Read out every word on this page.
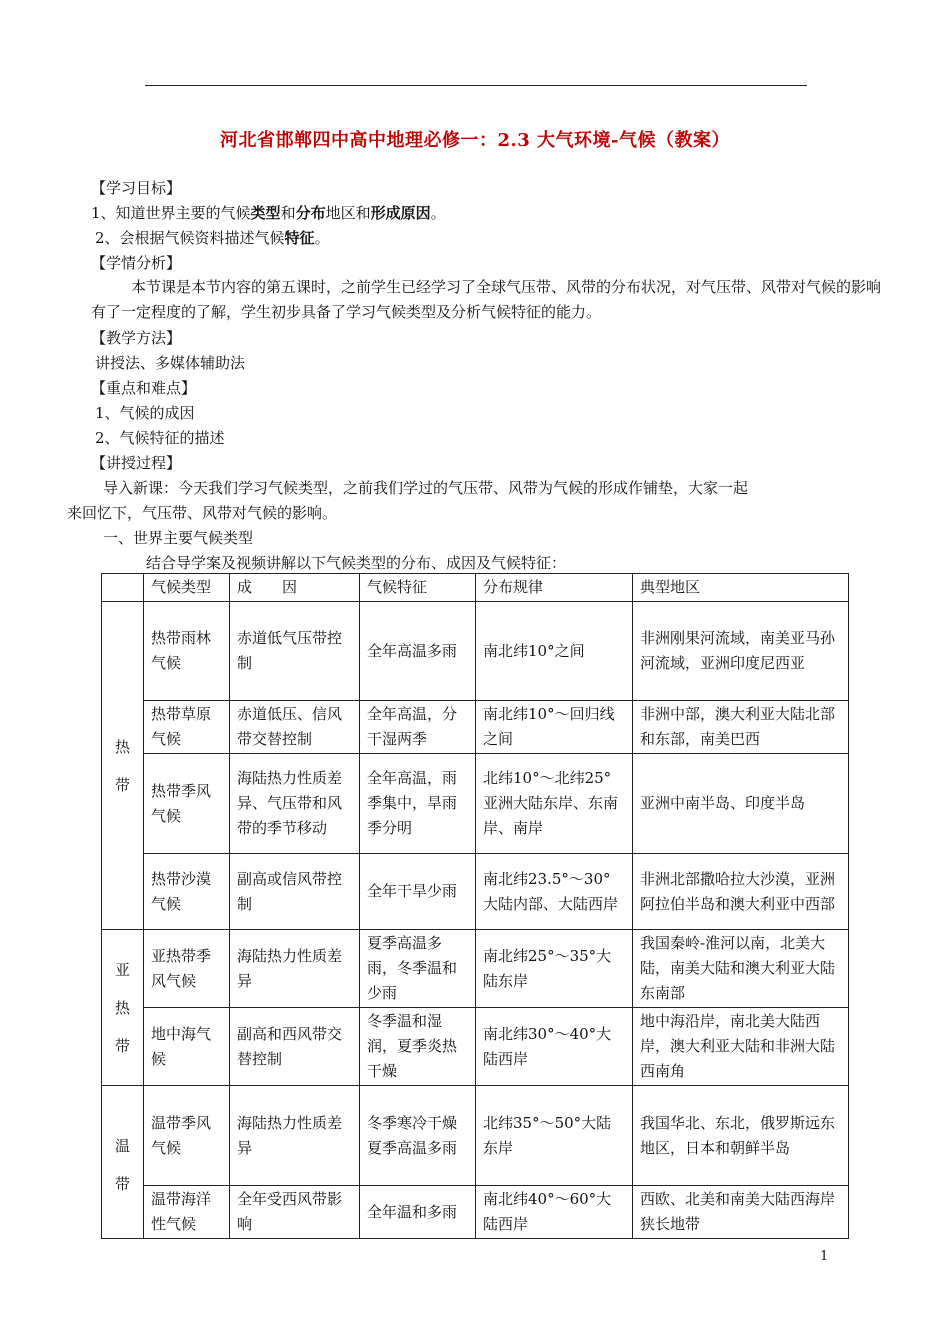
河北省邯郸四中高中地理必修一：2.3 大气环境-气候（教案）
【学习目标】
1、知道世界主要的气候类型和分布地区和形成原因。
2、会根据气候资料描述气候特征。
【学情分析】
本节课是本节内容的第五课时，之前学生已经学习了全球气压带、风带的分布状况，对气压带、风带对气候的影响有了一定程度的了解，学生初步具备了学习气候类型及分析气候特征的能力。
【教学方法】
讲授法、多媒体辅助法
【重点和难点】
1、气候的成因
2、气候特征的描述
【讲授过程】
导入新课：今天我们学习气候类型，之前我们学过的气压带、风带为气候的形成作铺垫，大家一起
来回忆下，气压带、风带对气候的影响。
一、世界主要气候类型
结合导学案及视频讲解以下气候类型的分布、成因及气候特征：
	气候类型	成　　因	气候特征	分布规律	典型地区
热带	热带雨林气候	赤道低气压带控制	全年高温多雨	南北纬10°之间	非洲刚果河流域，南美亚马孙河流域，亚洲印度尼西亚
	热带草原气候	赤道低压、信风带交替控制	全年高温，分干湿两季	南北纬10°～回归线之间	非洲中部，澳大利亚大陆北部和东部，南美巴西
	热带季风气候	海陆热力性质差异、气压带和风带的季节移动	全年高温，雨季集中，旱雨季分明	北纬10°～北纬25°亚洲大陆东岸、东南岸、南岸	亚洲中南半岛、印度半岛
	热带沙漠气候	副高或信风带控制	全年干旱少雨	南北纬23.5°～30°大陆内部、大陆西岸	非洲北部撒哈拉大沙漠，亚洲阿拉伯半岛和澳大利亚中西部
亚热带	亚热带季风气候	海陆热力性质差异	夏季高温多雨，冬季温和少雨	南北纬25°～35°大陆东岸	我国秦岭-淮河以南，北美大陆，南美大陆和澳大利亚大陆东南部
	地中海气候	副高和西风带交替控制	冬季温和湿润，夏季炎热干燥	南北纬30°～40°大陆西岸	地中海沿岸，南北美大陆西岸，澳大利亚大陆和非洲大陆西南角
温带	温带季风气候	海陆热力性质差异	冬季寒冷干燥
夏季高温多雨	北纬35°～50°大陆东岸	我国华北、东北，俄罗斯远东地区，日本和朝鲜半岛
	温带海洋性气候	全年受西风带影响	全年温和多雨	南北纬40°～60°大陆西岸	西欧、北美和南美大陆西海岸狭长地带
1
